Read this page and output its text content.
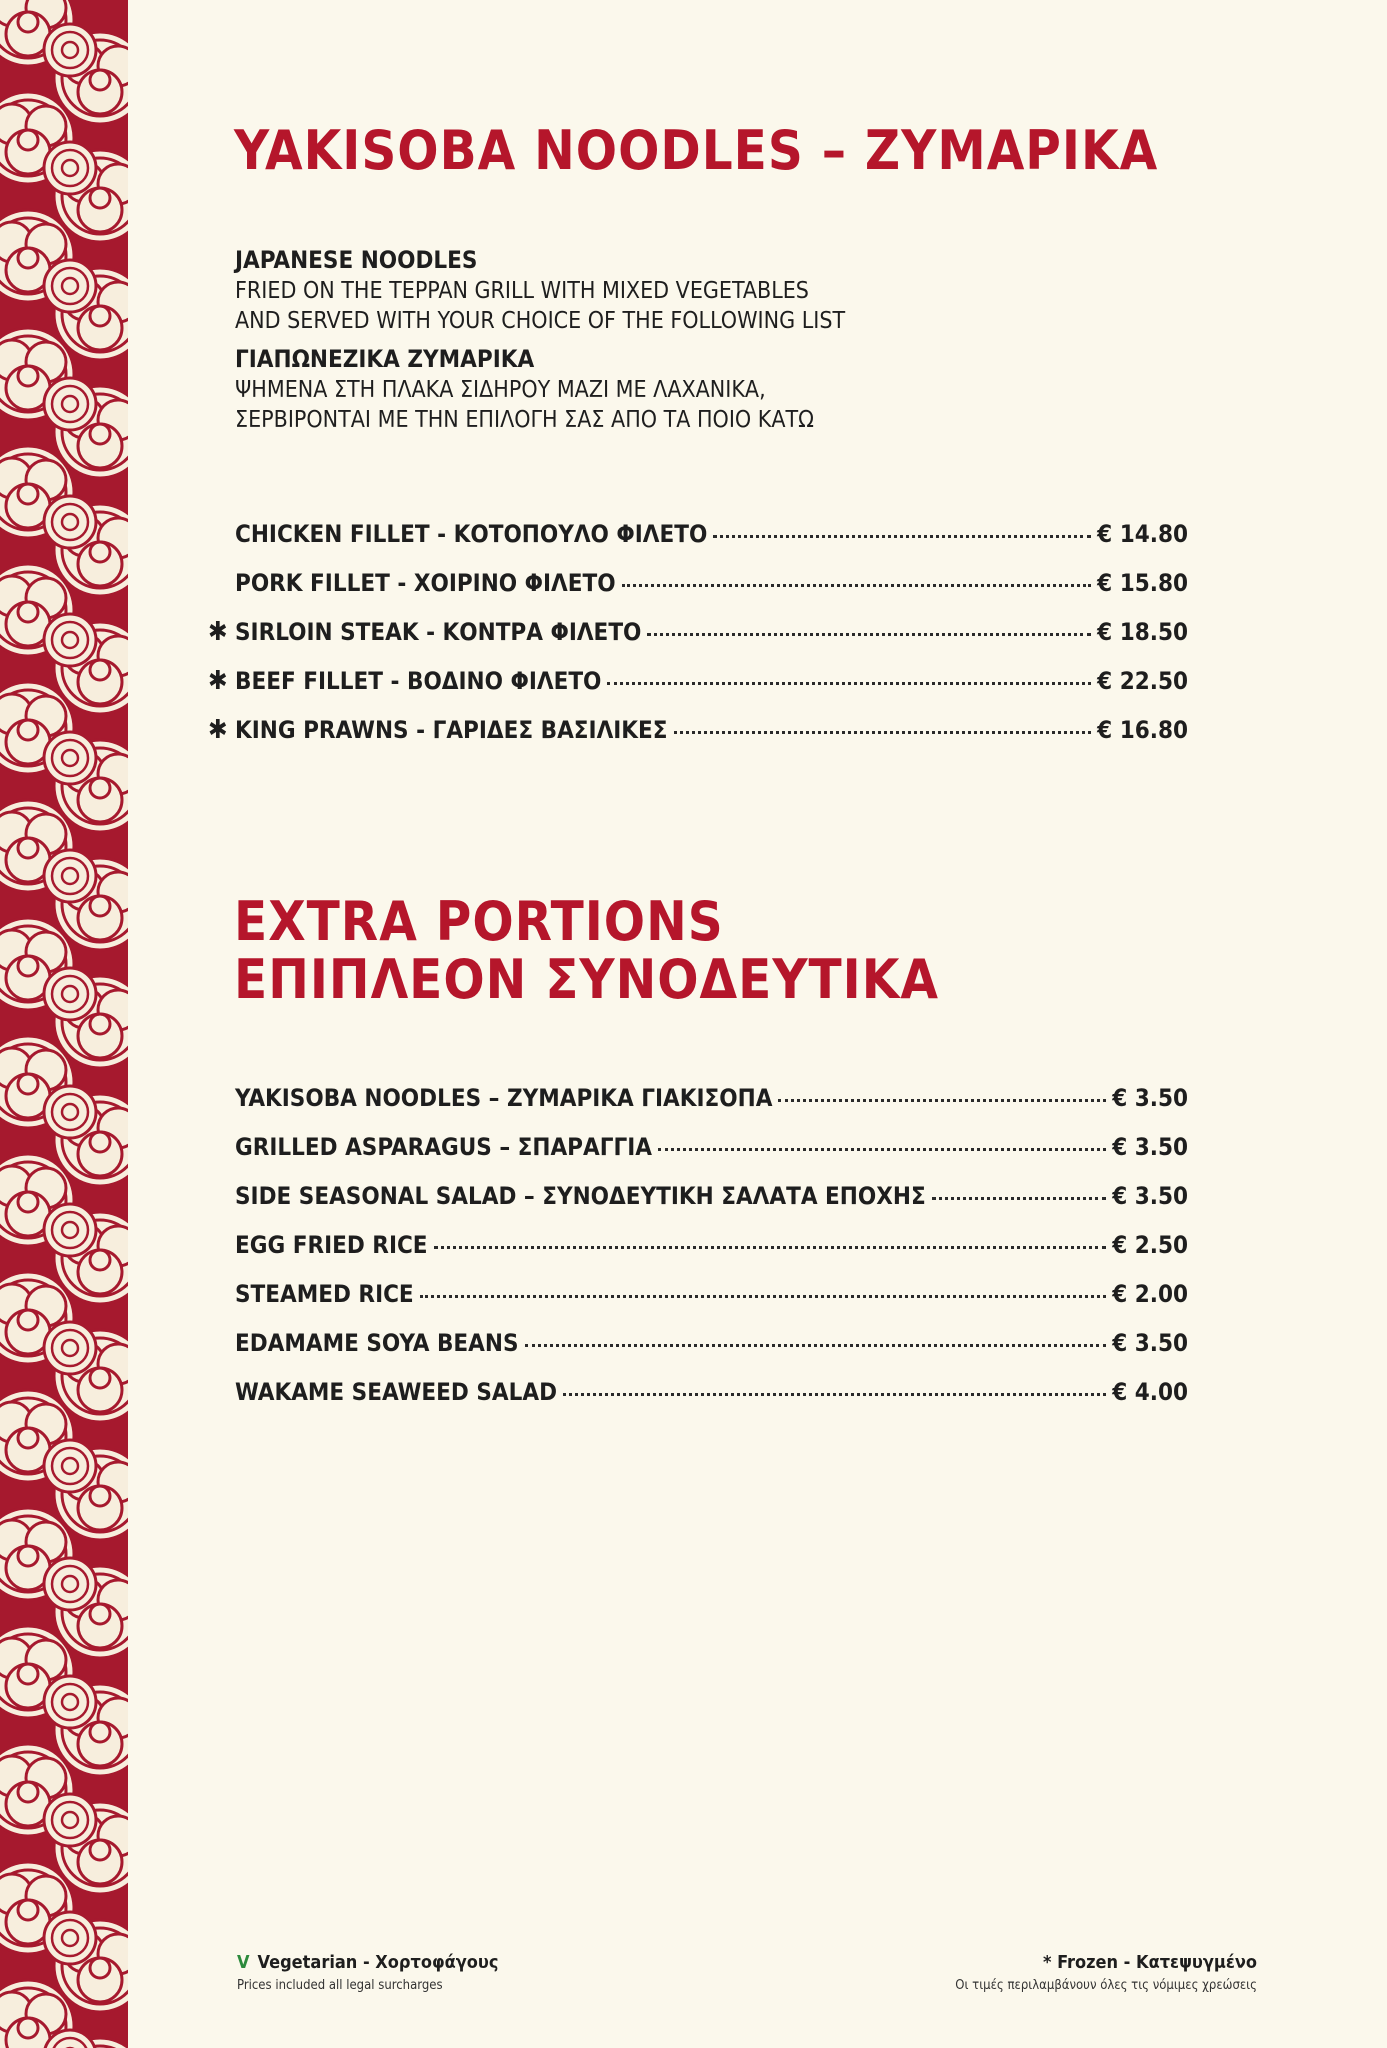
YAKISOBA NOODLES – ΖΥΜΑΡΙΚΑ
JAPANESE NOODLES
FRIED ON THE TEPPAN GRILL WITH MIXED VEGETABLES
AND SERVED WITH YOUR CHOICE OF THE FOLLOWING LIST
ΓΙΑΠΩΝΕΖΙΚΑ ΖΥΜΑΡΙΚΑ
ΨΗΜΕΝΑ ΣΤΗ ΠΛΑΚΑ ΣΙΔΗΡΟΥ ΜΑΖΙ ΜΕ ΛΑΧΑΝΙΚΑ,
ΣΕΡΒΙΡΟΝΤΑΙ ΜΕ ΤΗΝ ΕΠΙΛΟΓΗ ΣΑΣ ΑΠΟ ΤΑ ΠΟΙΟ ΚΑΤΩ
CHICKEN FILLET - ΚΟΤΟΠΟΥΛΟ ΦΙΛΕΤΟ	€ 14.80
PORK FILLET - ΧΟΙΡΙΝΟ ΦΙΛΕΤΟ	€ 15.80
✱ SIRLOIN STEAK - ΚΟΝΤΡΑ ΦΙΛΕΤΟ	€ 18.50
✱ BEEF FILLET - ΒΟΔΙΝΟ ΦΙΛΕΤΟ	€ 22.50
✱ KING PRAWNS - ΓΑΡΙΔΕΣ ΒΑΣΙΛΙΚΕΣ	€ 16.80
EXTRA PORTIONS
ΕΠΙΠΛΕΟΝ ΣΥΝΟΔΕΥΤΙΚΑ
YAKISOBA NOODLES – ΖΥΜΑΡΙΚΑ ΓΙΑΚΙΣΟΠΑ	€ 3.50
GRILLED ASPARAGUS – ΣΠΑΡΑΓΓΙΑ	€ 3.50
SIDE SEASONAL SALAD – ΣΥΝΟΔΕΥΤΙΚΗ ΣΑΛΑΤΑ ΕΠΟΧΗΣ	€ 3.50
EGG FRIED RICE	€ 2.50
STEAMED RICE	€ 2.00
EDAMAME SOYA BEANS	€ 3.50
WAKAME SEAWEED SALAD	€ 4.00
V Vegetarian - Χορτοφάγους
Prices included all legal surcharges
* Frozen - Κατεψυγμένο
Οι τιμές περιλαμβάνουν όλες τις νόμιμες χρεώσεις
